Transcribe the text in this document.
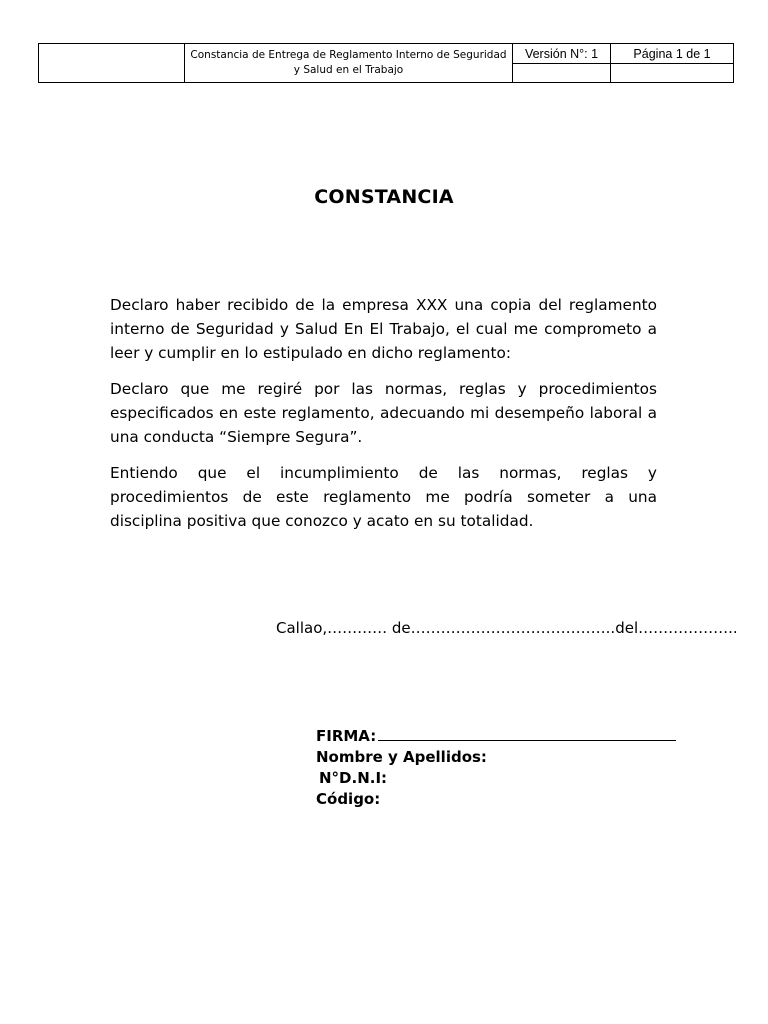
	Constancia de Entrega de Reglamento Interno de Seguridad
y Salud en el Trabajo	Versión N°: 1	Página 1 de 1

CONSTANCIA

Declaro haber recibido de la empresa XXX una copia del reglamento interno de Seguridad y Salud En El Trabajo, el cual me comprometo a leer y cumplir en lo estipulado en dicho reglamento:

Declaro que me regiré por las normas, reglas y procedimientos especificados en este reglamento, adecuando mi desempeño laboral a una conducta “Siempre Segura”.

Entiendo que el incumplimiento de las normas, reglas y procedimientos de este reglamento me podría someter a una disciplina positiva que conozco y acato en su totalidad.

Callao,………… de…………………………………..del………………..
FIRMA:
Nombre y Apellidos:
N°D.N.I:
Código:
